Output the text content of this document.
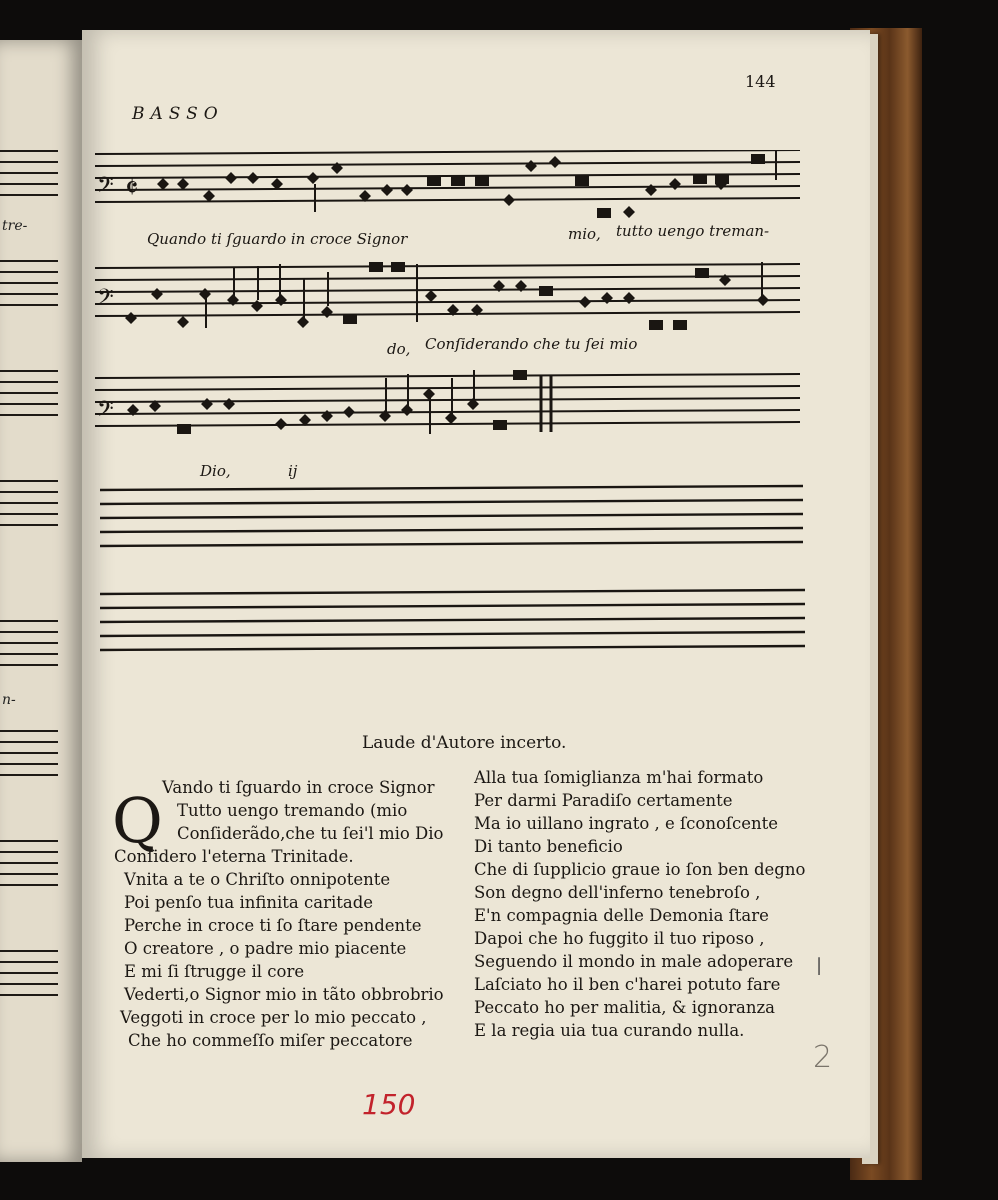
tre-
n-
144
BASSO
𝄢 𝄵
Quando ti ſguardo in croce Signor	mio, tutto uengo treman-
𝄢
do, Conſiderando che tu ſei mio
𝄢
Dio,	ij
Laude d'Autore incerto.
Q Vando ti ſguardo in croce Signor
Tutto uengo tremando (mio
Conſiderãdo,che tu ſei'l mio Dio
Conſidero l'eterna Trinitade.
Vnita a te o Chriſto onnipotente
Poi penſo tua infinita caritade
Perche in croce ti ſo ſtare pendente
O creatore , o padre mio piacente
E mi ſi ſtrugge il core
Vederti,o Signor mio in tãto obbrobrio
Veggoti in croce per lo mio peccato ,
Che ho commeſſo miſer peccatore
Alla tua ſomiglianza m'hai formato
Per darmi Paradiſo certamente
Ma io uillano ingrato , e ſconoſcente
Di tanto beneficio
Che di ſupplicio graue io ſon ben degno
Son degno dell'inferno tenebroſo ,
E'n compagnia delle Demonia ſtare
Dapoi che ho fuggito il tuo riposo ,
Seguendo il mondo in male adoperare
Laſciato ho il ben c'harei potuto fare
Peccato ho per malitia, & ignoranza
E la regia uia tua curando nulla.
|
150
2
